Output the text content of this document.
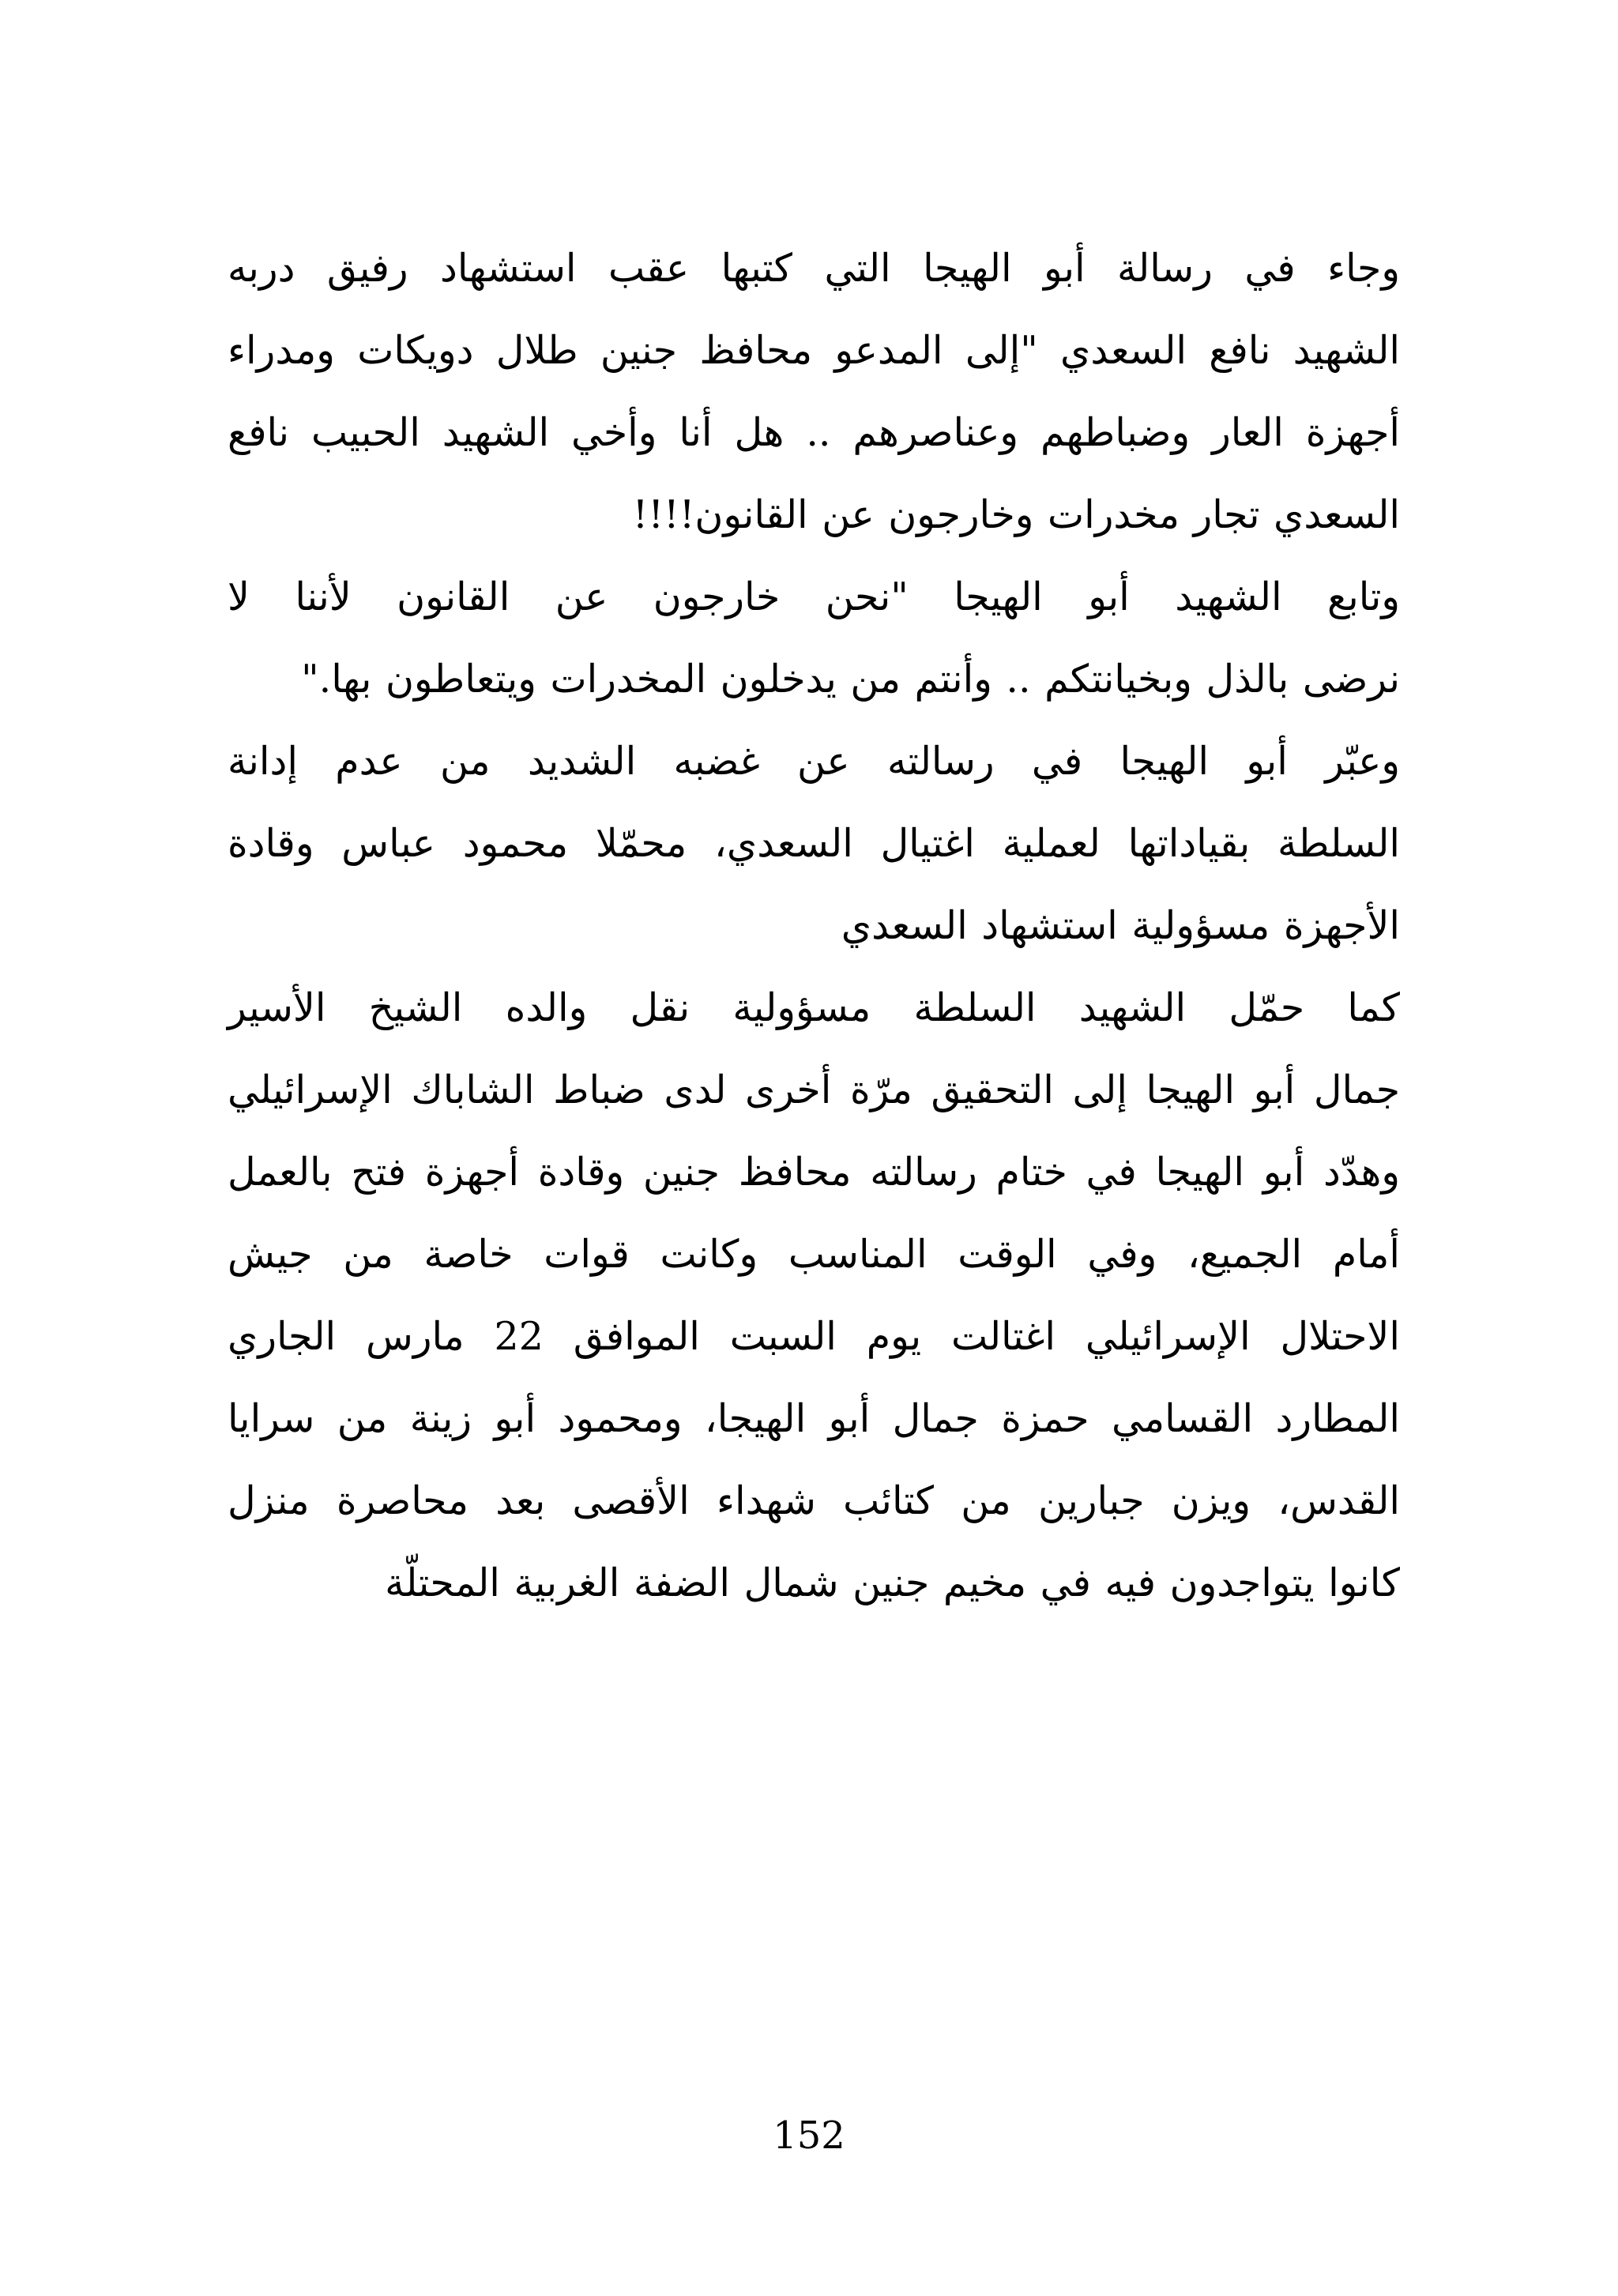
وجاء في رسالة أبو الهيجا التي كتبها عقب استشهاد رفيق دربه
الشهيد نافع السعدي "إلى المدعو محافظ جنين طلال دويكات ومدراء
أجهزة العار وضباطهم وعناصرهم .. هل أنا وأخي الشهيد الحبيب نافع
السعدي تجار مخدرات وخارجون عن القانون!!!!
وتابع الشهيد أبو الهيجا "نحن خارجون عن القانون لأننا لا
نرضى بالذل وبخيانتكم .. وأنتم من يدخلون المخدرات ويتعاطون بها."
وعبّر أبو الهيجا في رسالته عن غضبه الشديد من عدم إدانة
السلطة بقياداتها لعملية اغتيال السعدي، محمّلا محمود عباس وقادة
الأجهزة مسؤولية استشهاد السعدي
كما حمّل الشهيد السلطة مسؤولية نقل والده الشيخ الأسير
جمال أبو الهيجا إلى التحقيق مرّة أخرى لدى ضباط الشاباك الإسرائيلي
وهدّد أبو الهيجا في ختام رسالته محافظ جنين وقادة أجهزة فتح بالعمل
أمام الجميع، وفي الوقت المناسب وكانت قوات خاصة من جيش
الاحتلال الإسرائيلي اغتالت يوم السبت الموافق 22 مارس الجاري
المطارد القسامي حمزة جمال أبو الهيجا، ومحمود أبو زينة من سرايا
القدس، ويزن جبارين من كتائب شهداء الأقصى بعد محاصرة منزل
كانوا يتواجدون فيه في مخيم جنين شمال الضفة الغربية المحتلّة
152
